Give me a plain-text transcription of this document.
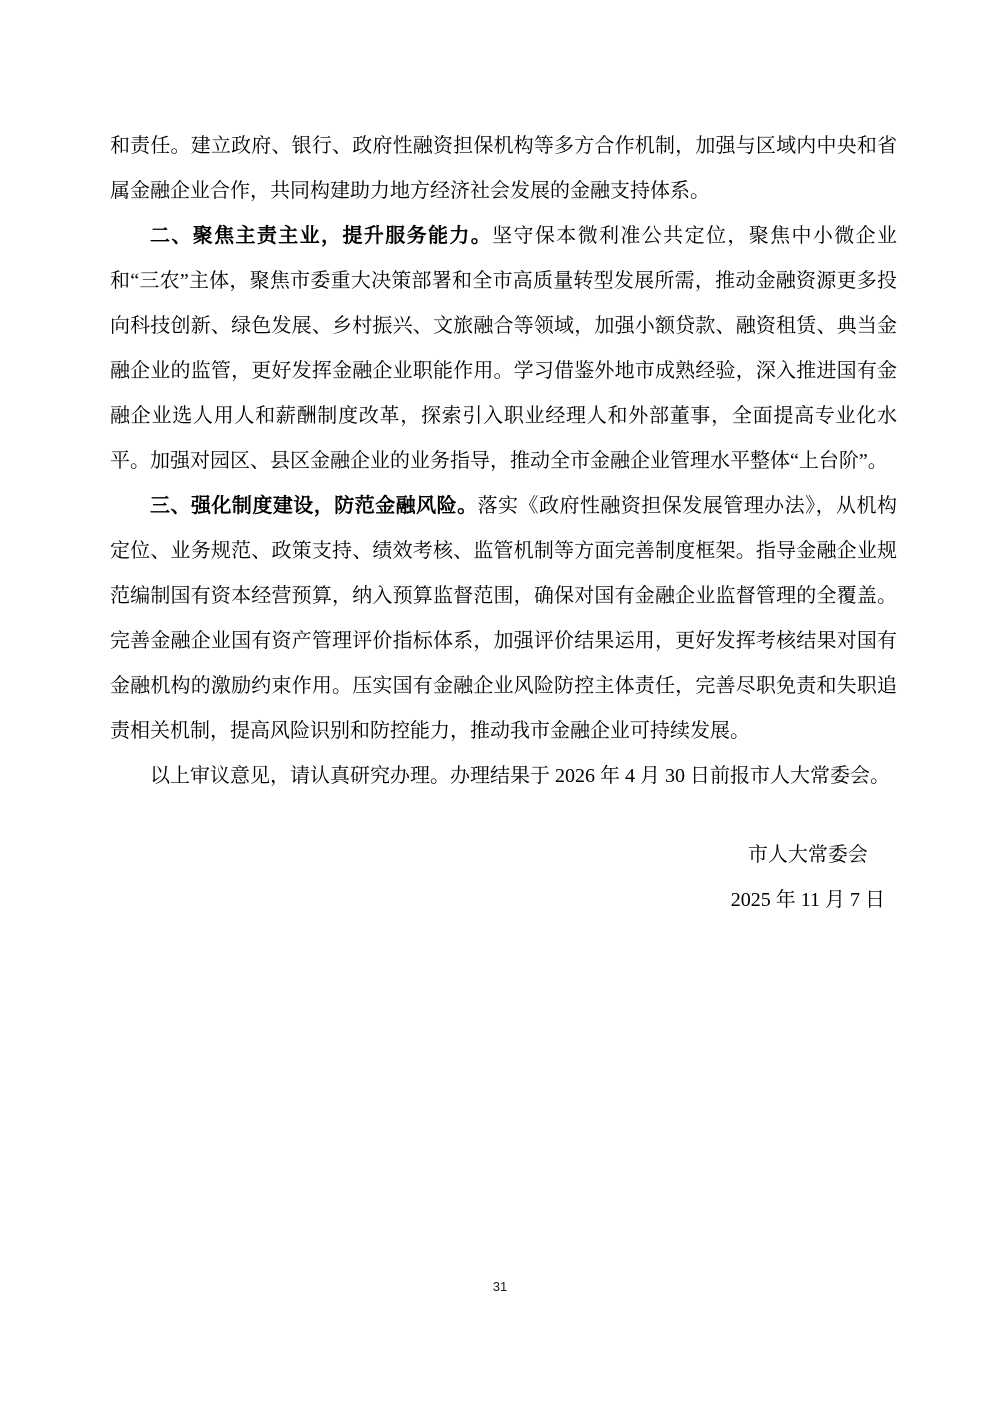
和责任。建立政府、银行、政府性融资担保机构等多方合作机制，加强与区域内中央和省属金融企业合作，共同构建助力地方经济社会发展的金融支持体系。

二、聚焦主责主业，提升服务能力。坚守保本微利准公共定位，聚焦中小微企业和“三农”主体，聚焦市委重大决策部署和全市高质量转型发展所需，推动金融资源更多投向科技创新、绿色发展、乡村振兴、文旅融合等领域，加强小额贷款、融资租赁、典当金融企业的监管，更好发挥金融企业职能作用。学习借鉴外地市成熟经验，深入推进国有金融企业选人用人和薪酬制度改革，探索引入职业经理人和外部董事，全面提高专业化水平。加强对园区、县区金融企业的业务指导，推动全市金融企业管理水平整体“上台阶”。

三、强化制度建设，防范金融风险。落实《政府性融资担保发展管理办法》，从机构定位、业务规范、政策支持、绩效考核、监管机制等方面完善制度框架。指导金融企业规范编制国有资本经营预算，纳入预算监督范围，确保对国有金融企业监督管理的全覆盖。完善金融企业国有资产管理评价指标体系，加强评价结果运用，更好发挥考核结果对国有金融机构的激励约束作用。压实国有金融企业风险防控主体责任，完善尽职免责和失职追责相关机制，提高风险识别和防控能力，推动我市金融企业可持续发展。

以上审议意见，请认真研究办理。办理结果于 2026 年 4 月 30 日前报市人大常委会。

市人大常委会
2025 年 11 月 7 日
31
